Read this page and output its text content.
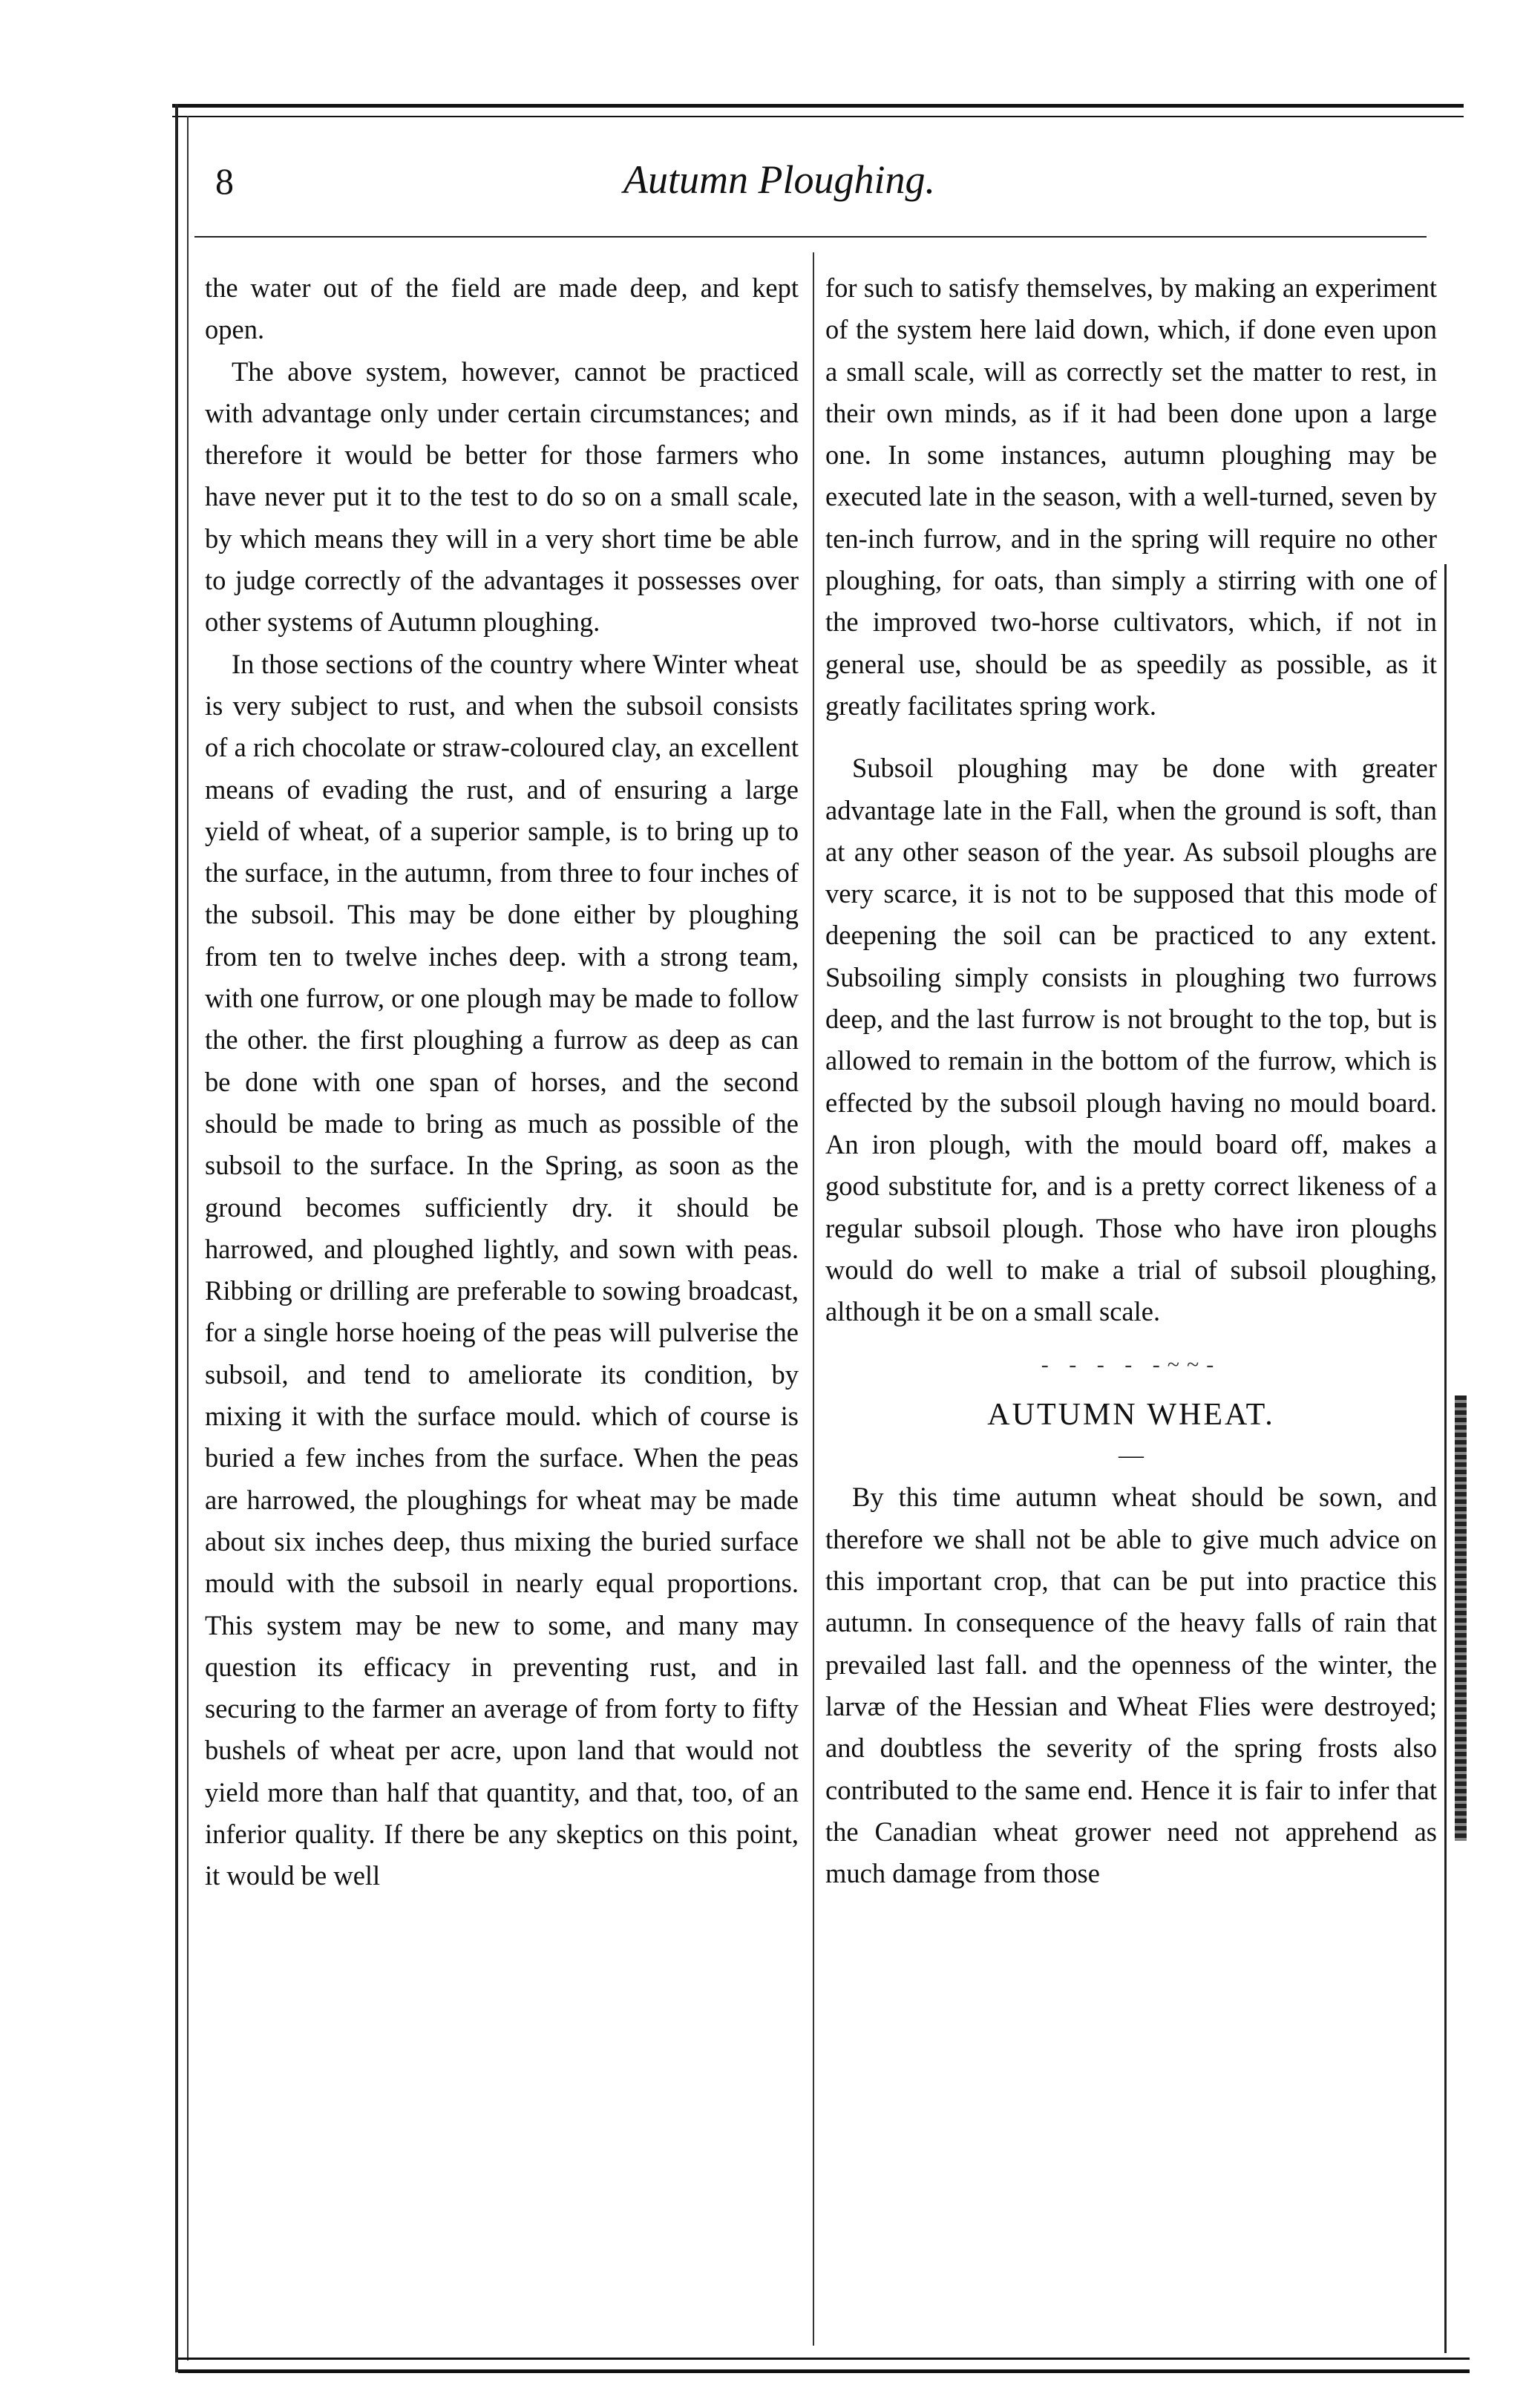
8	Autumn Ploughing.

the water out of the field are made deep, and kept open.

The above system, however, cannot be practiced with advantage only under certain circumstances; and therefore it would be better for those farmers who have never put it to the test to do so on a small scale, by which means they will in a very short time be able to judge correctly of the advantages it possesses over other systems of Autumn ploughing.

In those sections of the country where Winter wheat is very subject to rust, and when the subsoil consists of a rich chocolate or straw-coloured clay, an excellent means of evading the rust, and of ensuring a large yield of wheat, of a superior sample, is to bring up to the surface, in the autumn, from three to four inches of the subsoil. This may be done either by ploughing from ten to twelve inches deep. with a strong team, with one furrow, or one plough may be made to follow the other. the first ploughing a furrow as deep as can be done with one span of horses, and the second should be made to bring as much as possible of the subsoil to the surface. In the Spring, as soon as the ground becomes sufficiently dry. it should be harrowed, and ploughed lightly, and sown with peas. Ribbing or drilling are preferable to sowing broadcast, for a single horse hoeing of the peas will pulverise the subsoil, and tend to ameliorate its condition, by mixing it with the surface mould. which of course is buried a few inches from the surface. When the peas are harrowed, the ploughings for wheat may be made about six inches deep, thus mixing the buried surface mould with the subsoil in nearly equal proportions. This system may be new to some, and many may question its efficacy in preventing rust, and in securing to the farmer an average of from forty to fifty bushels of wheat per acre, upon land that would not yield more than half that quantity, and that, too, of an inferior quality. If there be any skeptics on this point, it would be well

for such to satisfy themselves, by making an experiment of the system here laid down, which, if done even upon a small scale, will as correctly set the matter to rest, in their own minds, as if it had been done upon a large one. In some instances, autumn ploughing may be executed late in the season, with a well-turned, seven by ten-inch furrow, and in the spring will require no other ploughing, for oats, than simply a stirring with one of the improved two-horse cultivators, which, if not in general use, should be as speedily as possible, as it greatly facilitates spring work.

Subsoil ploughing may be done with greater advantage late in the Fall, when the ground is soft, than at any other season of the year. As subsoil ploughs are very scarce, it is not to be supposed that this mode of deepening the soil can be practiced to any extent. Subsoiling simply consists in ploughing two furrows deep, and the last furrow is not brought to the top, but is allowed to remain in the bottom of the furrow, which is effected by the subsoil plough having no mould board. An iron plough, with the mould board off, makes a good substitute for, and is a pretty correct likeness of a regular subsoil plough. Those who have iron ploughs would do well to make a trial of subsoil ploughing, although it be on a small scale.

- - - - -~~-
AUTUMN WHEAT.
—

By this time autumn wheat should be sown, and therefore we shall not be able to give much advice on this important crop, that can be put into practice this autumn. In consequence of the heavy falls of rain that prevailed last fall. and the openness of the winter, the larvæ of the Hessian and Wheat Flies were destroyed; and doubtless the severity of the spring frosts also contributed to the same end. Hence it is fair to infer that the Canadian wheat grower need not apprehend as much damage from those
